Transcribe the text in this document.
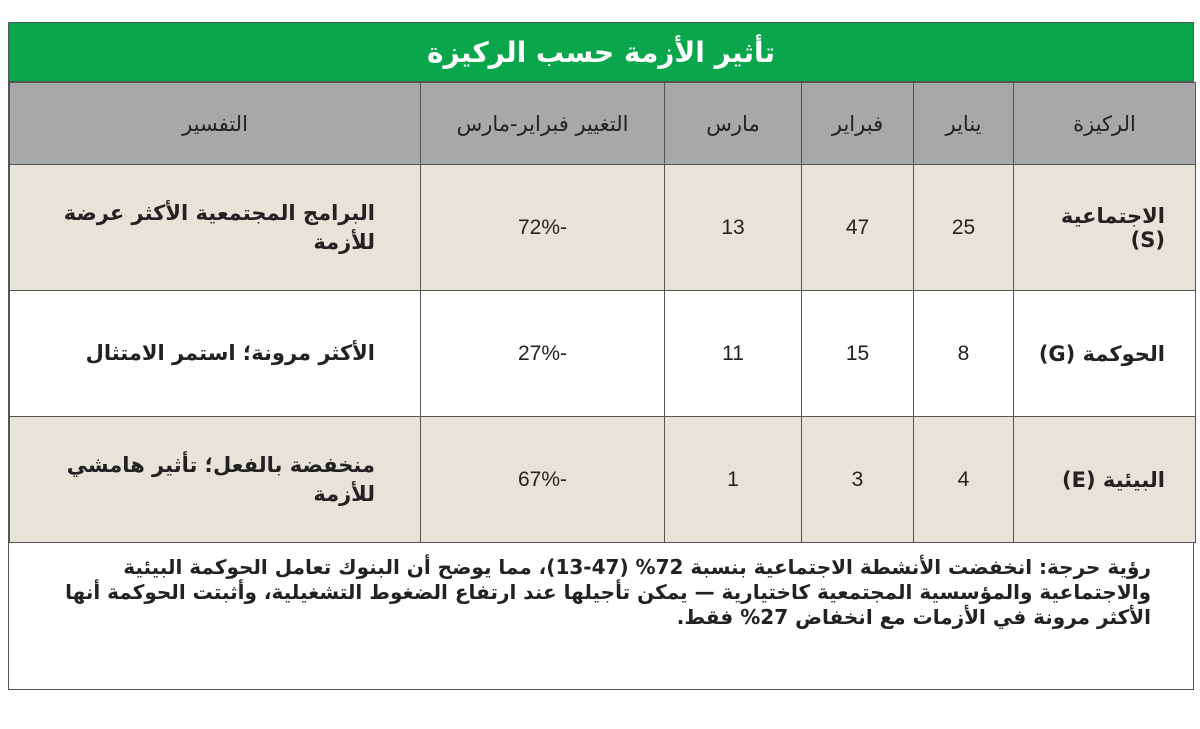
تأثير الأزمة حسب الركيزة
الركيزة	يناير	فبراير	مارس	التغيير فبراير-مارس	التفسير
الاجتماعية (S)	25	47	13	-72%	البرامج المجتمعية الأكثر عرضة للأزمة
الحوكمة (G)	8	15	11	-27%	الأكثر مرونة؛ استمر الامتثال
البيئية (E)	4	3	1	-67%	منخفضة بالفعل؛ تأثير هامشي للأزمة
رؤية حرجة: انخفضت الأنشطة الاجتماعية بنسبة 72% (47-13)، مما يوضح أن البنوك تعامل الحوكمة البيئية والاجتماعية والمؤسسية المجتمعية كاختيارية — يمكن تأجيلها عند ارتفاع الضغوط التشغيلية، وأثبتت الحوكمة أنها الأكثر مرونة في الأزمات مع انخفاض 27% فقط.
